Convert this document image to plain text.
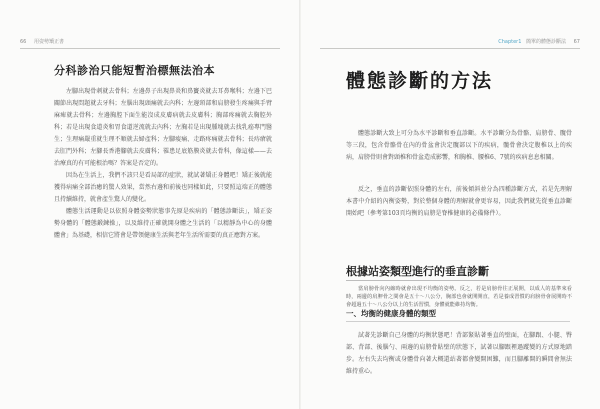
66 用姿勢矯正書
分科診治只能短暫治標無法治本
左腳出現骨刺就去骨科；左邊鼻子出現鼻炎和鼻竇炎就去耳鼻喉科；左邊下巴關節出現問題就去牙科；左腦出現頭痛就去內科；左邊頸部和肩膀發生疼痛與手臂麻痺就去骨科；左邊胸腔下面生能沒成皮膚病就去皮膚科；胸部疼痛就去胸腔外科；若是出現食道炎和胃食道逆流就去內科；左胸若是出現腫塊就去找乳癌專門醫生；生理痛嚴重就生理不順就去婦產科；左腳痠痛、走路疼痛就去骨科；長痔瘡就去肛門外科；左腳長香港腳就去皮膚科；罹患足底筋膜炎就去骨科，像這樣——去治療真的有可能根治嗎？答案是否定的。
因為在生活上，我們不該只是看局部的症狀，就試著矯正身體吧！矯正後就能獲得病痛全部治癒的驚人效果，當然右邊和前後也同樣如此，只要照這端正的體態且持續維持，就會產生驚人的變化。
體態生活運動是以依照身體姿勢狀態事先原是疾病的「體態診斷法」，矯正姿勢身體的「體態鍛鍊操」，以及維持正確就開身體之生活的「以精靜為中心的身體體會」為基礎，相信它將會是帶領健康生活與老年生活所需要的真正應對方案。
Chapter1 簡單的體態診斷法 67
體態診斷的方法
體態診斷大致上可分為水平診斷和垂直診斷。水平診斷分為骨骼、肩膀骨、髖骨等三段，包含骨骼骨在內的骨盆會決定髖部以下的疾病，髖骨會決定腹椎以上的疾病，肩膀骨則會對頭椎和骨盆造成影響，和胸椎、腰椎6、7號的疾病息息相關。
反之，垂直的診斷依照身體的左右，前後傾斜並分為四種診斷方式，若是先理解本書中介紹的內衡姿勢，對於整個身體的理解就會更容易，因此我們就先從垂直診斷開始吧（參考第103頁均衡的肩膀是脊椎健康的必備條件）。
根據站姿類型進行的垂直診斷
一、均衡的健康身體的類型
試著先診斷自己身體的均衡狀態吧！背部緊貼著垂直的壁面，在腳跟、小腿、臀部、背部、後腦勺、兩邊的肩膀骨貼壁的狀態下，試著以腳跟裡過蹤變的方式原地踏步。左右失去均衡或身體骨向著大概還站著都會變開困難，而且腳離開的瞬間會無法維持重心。
當肩膀骨向內縮時就會出現不均衡的姿勢。反之，若是肩膀骨往正展開，以成人的基準來看時，兩邊的肩胛骨之間會是五十～八公分，胸部也會就開開直，若是養成習慣的肩膀骨會展開時不會超過五十～八公分以上的生活習慣，身體就能維持均衡。
